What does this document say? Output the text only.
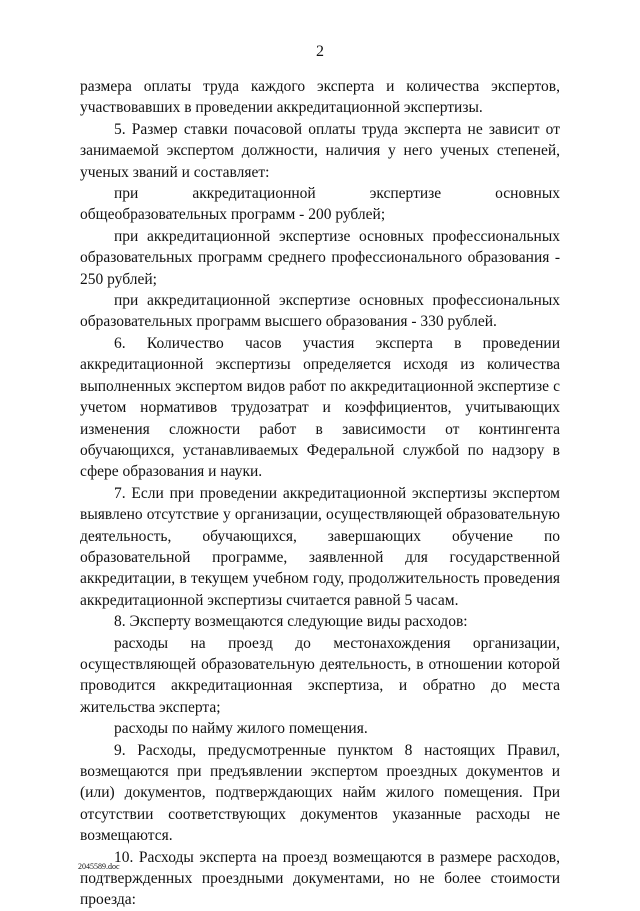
2

размера оплаты труда каждого эксперта и количества экспертов, участвовавших в проведении аккредитационной экспертизы.

5. Размер ставки почасовой оплаты труда эксперта не зависит от занимаемой экспертом должности, наличия у него ученых степеней, ученых званий и составляет:

при аккредитационной экспертизе основных общеобразовательных программ - 200 рублей;

при аккредитационной экспертизе основных профессиональных образовательных программ среднего профессионального образования - 250 рублей;

при аккредитационной экспертизе основных профессиональных образовательных программ высшего образования - 330 рублей.

6. Количество часов участия эксперта в проведении аккредитационной экспертизы определяется исходя из количества выполненных экспертом видов работ по аккредитационной экспертизе с учетом нормативов трудозатрат и коэффициентов, учитывающих изменения сложности работ в зависимости от контингента обучающихся, устанавливаемых Федеральной службой по надзору в сфере образования и науки.

7. Если при проведении аккредитационной экспертизы экспертом выявлено отсутствие у организации, осуществляющей образовательную деятельность, обучающихся, завершающих обучение по образовательной программе, заявленной для государственной аккредитации, в текущем учебном году, продолжительность проведения аккредитационной экспертизы считается равной 5 часам.

8. Эксперту возмещаются следующие виды расходов:

расходы на проезд до местонахождения организации, осуществляющей образовательную деятельность, в отношении которой проводится аккредитационная экспертиза, и обратно до места жительства эксперта;

расходы по найму жилого помещения.

9. Расходы, предусмотренные пунктом 8 настоящих Правил, возмещаются при предъявлении экспертом проездных документов и (или) документов, подтверждающих найм жилого помещения. При отсутствии соответствующих документов указанные расходы не возмещаются.

10. Расходы эксперта на проезд возмещаются в размере расходов, подтвержденных проездными документами, но не более стоимости проезда:

2045589.doc
